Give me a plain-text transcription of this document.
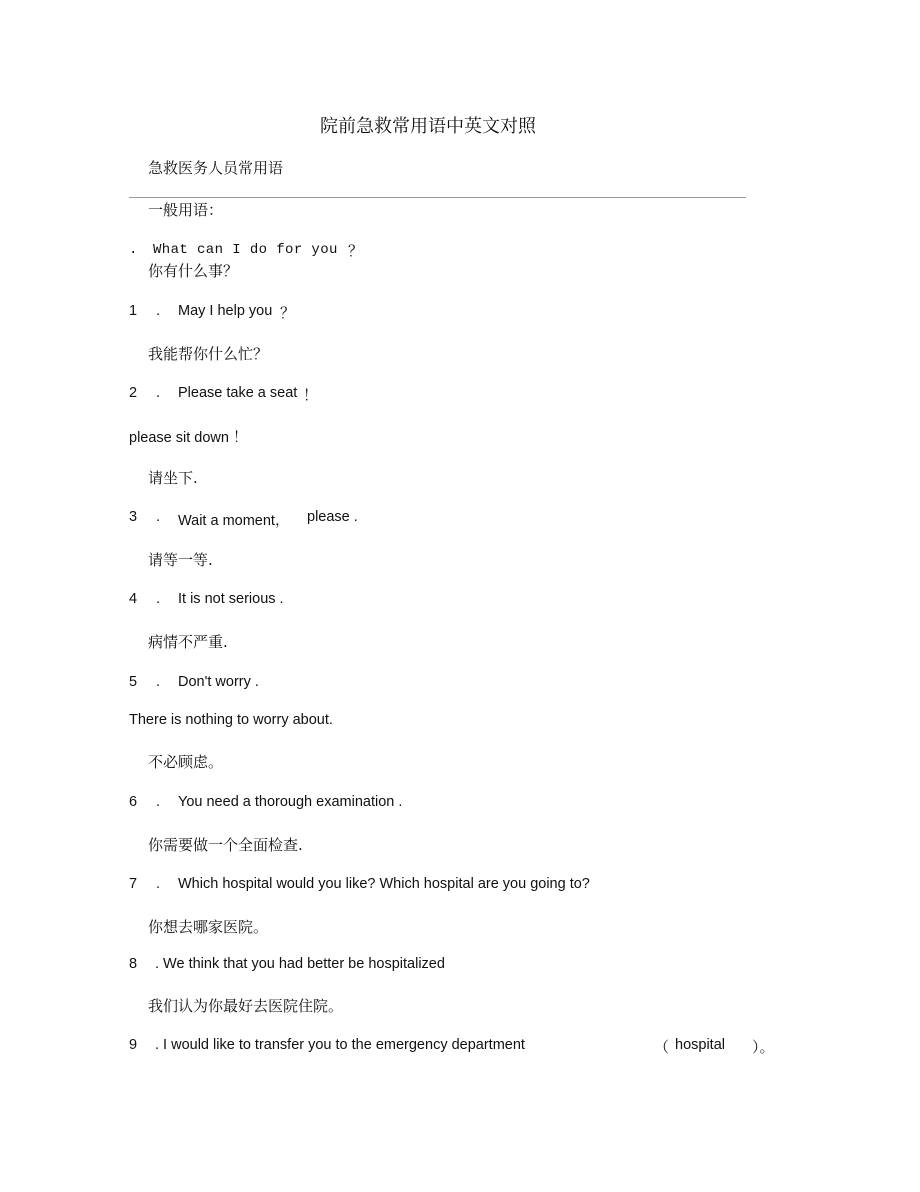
院前急救常用语中英文对照
急救医务人员常用语
一般用语：
. What can I do for you ？
你有什么事？
1 . May I help you ？
我能帮你什么忙？
2 . Please take a seat ！
please sit down ！
请坐下.
3 . Wait a moment， please .
请等一等.
4 . It is not serious .
病情不严重.
5 . Don't worry .
There is nothing to worry about.
不必顾虑。
6 . You need a thorough examination .
你需要做一个全面检查.
7 . Which hospital would you like? Which hospital are you going to?
你想去哪家医院。
8 . We think that you had better be hospitalized
我们认为你最好去医院住院。
9 . I would like to transfer you to the emergency department	（ hospital ）。
